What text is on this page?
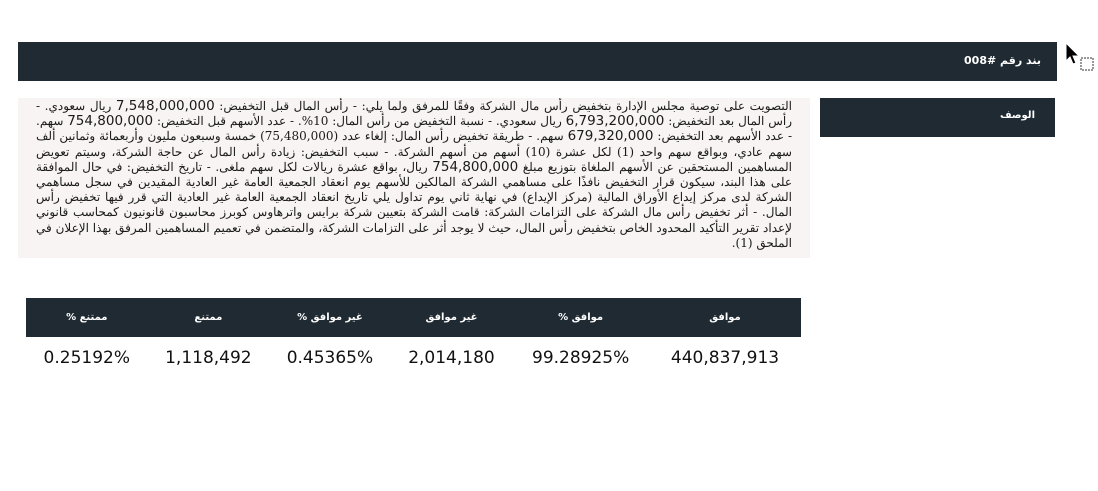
بند رقم #008
الوصف
التصويت على توصية مجلس الإدارة بتخفيض رأس مال الشركة وفقًا للمرفق ولما يلي: - رأس المال قبل التخفيض: 7,548,000,000 ريال سعودي. - رأس المال بعد التخفيض: 6,793,200,000 ريال سعودي. - نسبة التخفيض من رأس المال: 10%. - عدد الأسهم قبل التخفيض: 754,800,000 سهم. - عدد الأسهم بعد التخفيض: 679,320,000 سهم. - طريقة تخفيض رأس المال: إلغاء عدد (75,480,000) خمسة وسبعون مليون وأربعمائة وثمانين ألف سهم عادي، وبواقع سهم واحد (1) لكل عشرة (10) أسهم من أسهم الشركة. - سبب التخفيض: زيادة رأس المال عن حاجة الشركة، وسيتم تعويض المساهمين المستحقين عن الأسهم الملغاة بتوزيع مبلغ 754,800,000 ريال، بواقع عشرة ريالات لكل سهم ملغى. - تاريخ التخفيض: في حال الموافقة على هذا البند، سيكون قرار التخفيض نافذًا على مساهمي الشركة المالكين للأسهم يوم انعقاد الجمعية العامة غير العادية المقيدين في سجل مساهمي الشركة لدى مركز إيداع الأوراق المالية (مركز الإيداع) في نهاية ثاني يوم تداول يلي تاريخ انعقاد الجمعية العامة غير العادية التي قرر فيها تخفيض رأس المال. - أثر تخفيض رأس مال الشركة على التزامات الشركة: قامت الشركة بتعيين شركة برايس واترهاوس كوبرز محاسبون قانونيون كمحاسب قانوني لإعداد تقرير التأكيد المحدود الخاص بتخفيض رأس المال، حيث لا يوجد أثر على التزامات الشركة، والمتضمن في تعميم المساهمين المرفق بهذا الإعلان في الملحق (1).
موافق	موافق %	غير موافق	غير موافق %	ممتنع	ممتنع %
440,837,913	99.28925%	2,014,180	0.45365%	1,118,492	0.25192%
